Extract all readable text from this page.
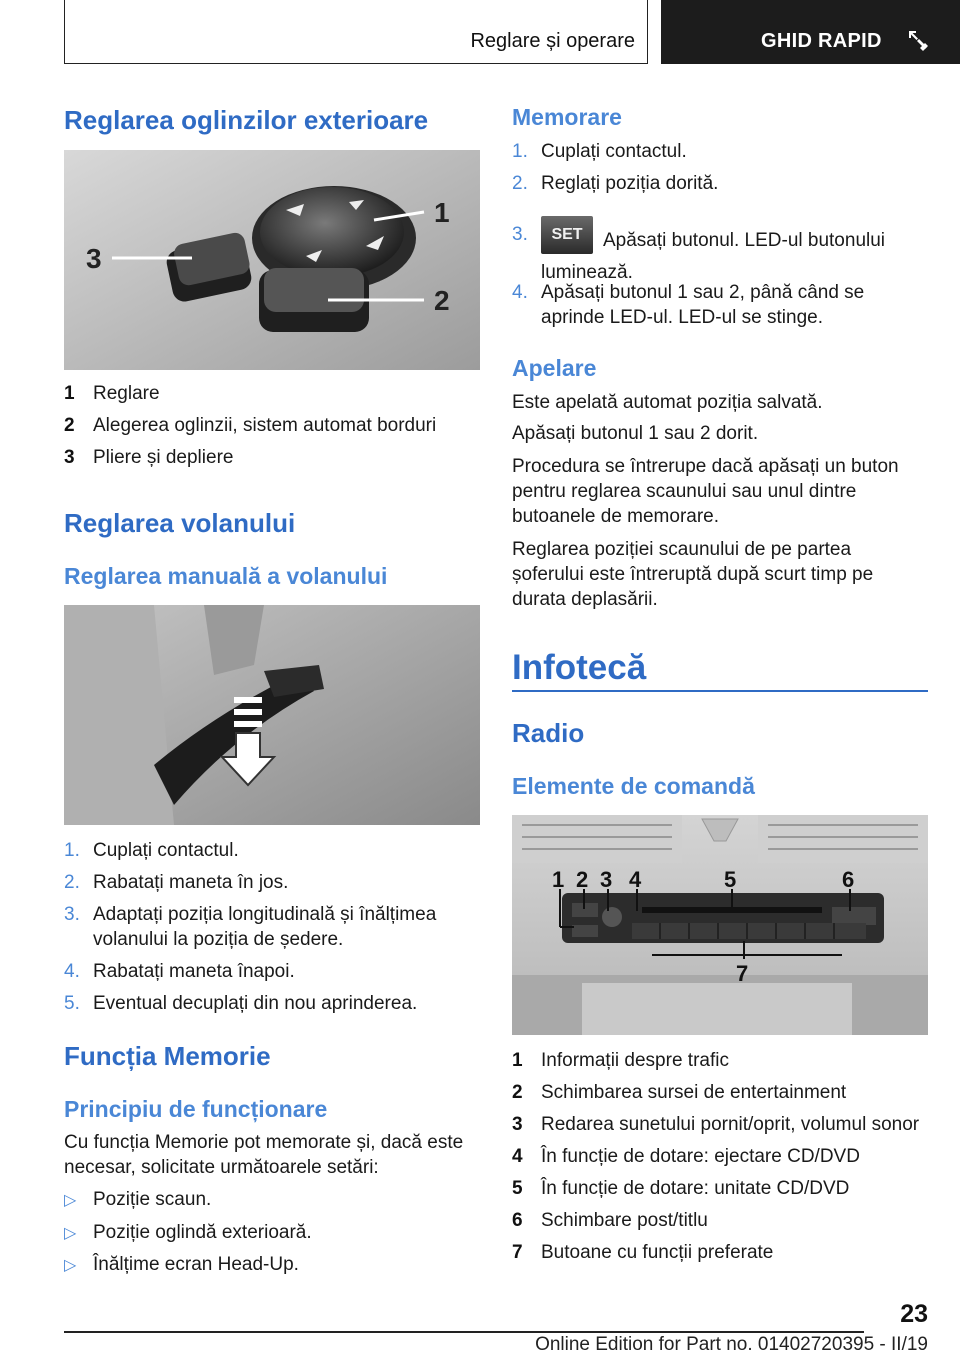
Reglare și operare	GHID RAPID
Reglarea oglinzilor exterioare
1
2
3
1 Reglare
2 Alegerea oglinzii, sistem automat borduri
3 Pliere și depliere
Reglarea volanului
Reglarea manuală a volanului
1. Cuplați contactul.
2. Rabatați maneta în jos.
3. Adaptați poziția longitudinală și înălțimea volanului la poziția de ședere.
4. Rabatați maneta înapoi.
5. Eventual decuplați din nou aprinderea.
Funcția Memorie
Principiu de funcționare

Cu funcția Memorie pot memorate și, dacă este necesar, solicitate următoarele setări:

▷ Poziție scaun.
▷ Poziție oglindă exterioară.
▷ Înălțime ecran Head-Up.
Memorare
1. Cuplați contactul.
2. Reglați poziția dorită.
3.	SET Apăsați butonul. LED-ul butonului luminează.
4. Apăsați butonul 1 sau 2, până când se aprinde LED-ul. LED-ul se stinge.
Apelare

Este apelată automat poziția salvată.

Apăsați butonul 1 sau 2 dorit.

Procedura se întrerupe dacă apăsați un buton pentru reglarea scaunului sau unul dintre butoanele de memorare.

Reglarea poziției scaunului de pe partea șoferului este întreruptă după scurt timp pe durata deplasării.

Infotecă
Radio
Elemente de comandă
1 2 3 4	5	6
7
1 Informații despre trafic
2 Schimbarea sursei de entertainment
3 Redarea sunetului pornit/oprit, volumul sonor
4 În funcție de dotare: ejectare CD/DVD
5 În funcție de dotare: unitate CD/DVD
6 Schimbare post/titlu
7 Butoane cu funcții preferate
23
Online Edition for Part no. 01402720395 - II/19
